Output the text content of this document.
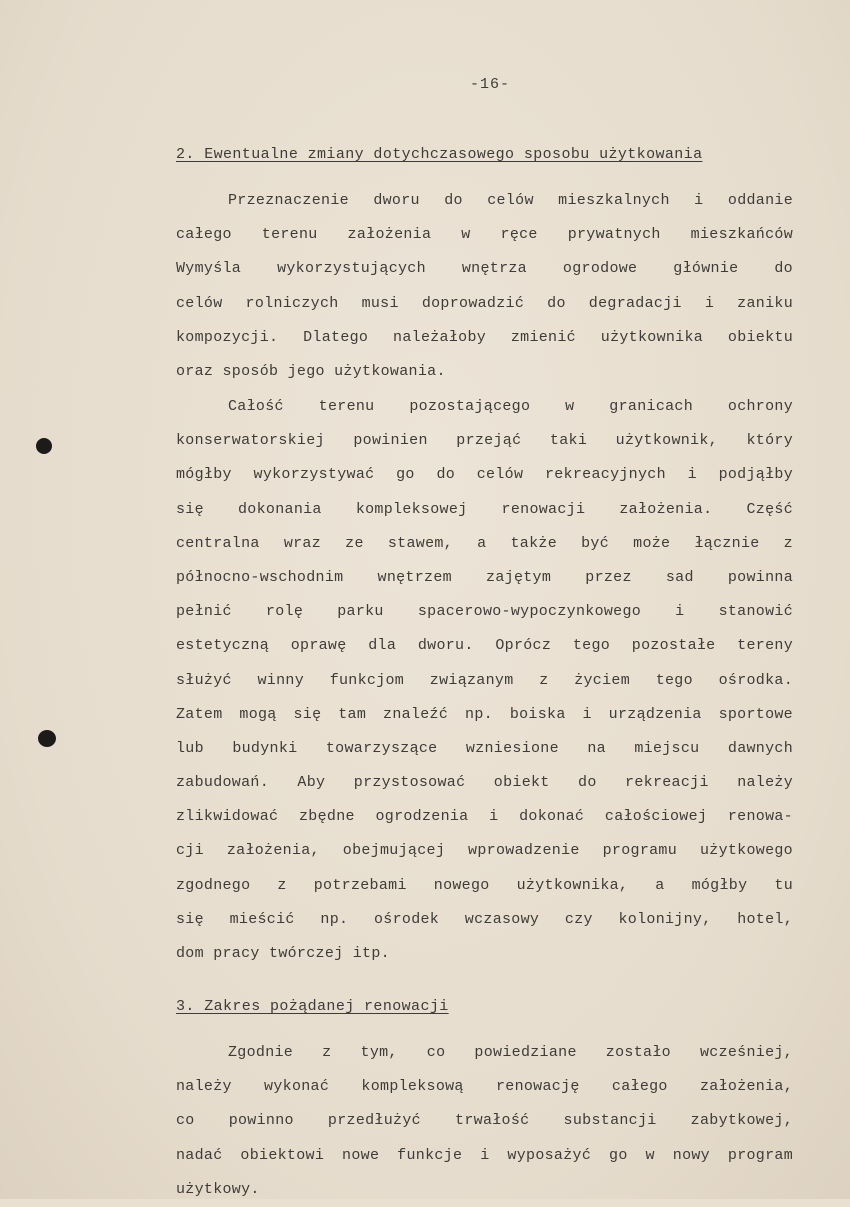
-16-
2. Ewentualne zmiany dotychczasowego sposobu użytkowania
Przeznaczenie dworu do celów mieszkalnych i oddanie
całego terenu założenia w ręce prywatnych mieszkańców
Wymyśla wykorzystujących wnętrza ogrodowe głównie do
celów rolniczych musi doprowadzić do degradacji i zaniku
kompozycji. Dlatego należałoby zmienić użytkownika obiektu
oraz sposób jego użytkowania.
Całość terenu pozostającego w granicach ochrony
konserwatorskiej powinien przejąć taki użytkownik, który
mógłby wykorzystywać go do celów rekreacyjnych i podjąłby
się dokonania kompleksowej renowacji założenia. Część
centralna wraz ze stawem, a także być może łącznie z
północno-wschodnim wnętrzem zajętym przez sad powinna
pełnić rolę parku spacerowo-wypoczynkowego i stanowić
estetyczną oprawę dla dworu. Oprócz tego pozostałe tereny
służyć winny funkcjom związanym z życiem tego ośrodka.
Zatem mogą się tam znaleźć np. boiska i urządzenia sportowe
lub budynki towarzyszące wzniesione na miejscu dawnych
zabudowań. Aby przystosować obiekt do rekreacji należy
zlikwidować zbędne ogrodzenia i dokonać całościowej renowa-
cji założenia, obejmującej wprowadzenie programu użytkowego
zgodnego z potrzebami nowego użytkownika, a mógłby tu
się mieścić np. ośrodek wczasowy czy kolonijny, hotel,
dom pracy twórczej itp.
3. Zakres pożądanej renowacji
Zgodnie z tym, co powiedziane zostało wcześniej,
należy wykonać kompleksową renowację całego założenia,
co powinno przedłużyć trwałość substancji zabytkowej,
nadać obiektowi nowe funkcje i wyposażyć go w nowy program
użytkowy.
